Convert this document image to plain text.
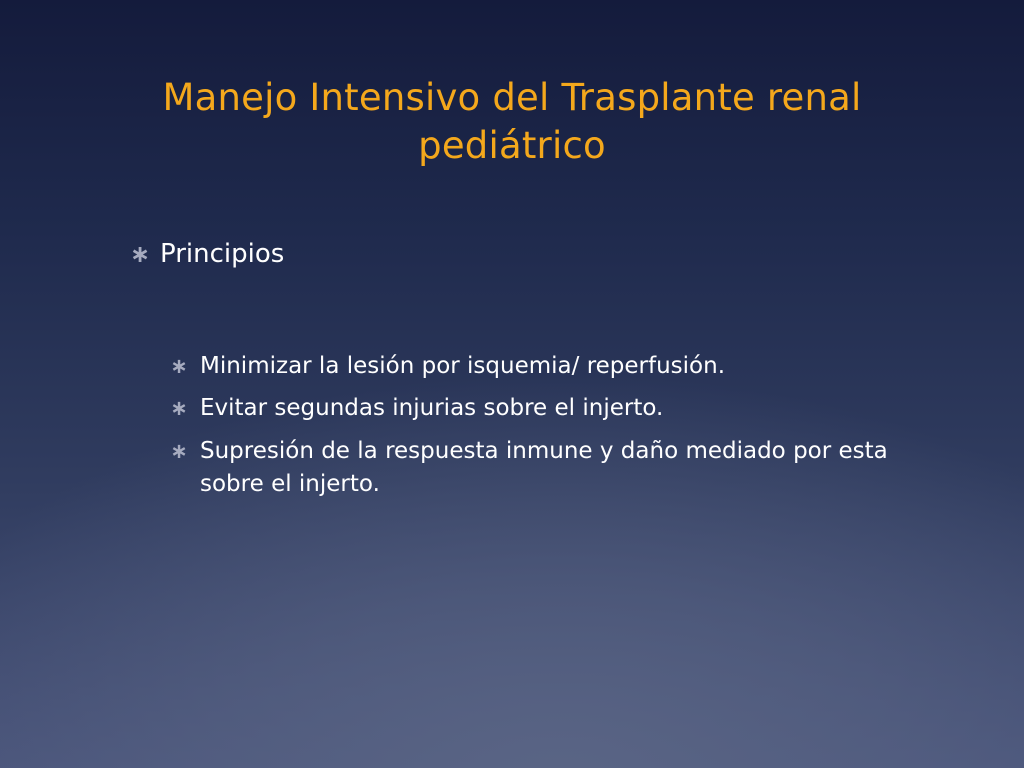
Manejo Intensivo del Trasplante renal pediátrico
∗ Principios
∗ Minimizar la lesión por isquemia/ reperfusión.
∗ Evitar segundas injurias sobre el injerto.
∗ Supresión de la respuesta inmune y daño mediado por esta sobre el injerto.
